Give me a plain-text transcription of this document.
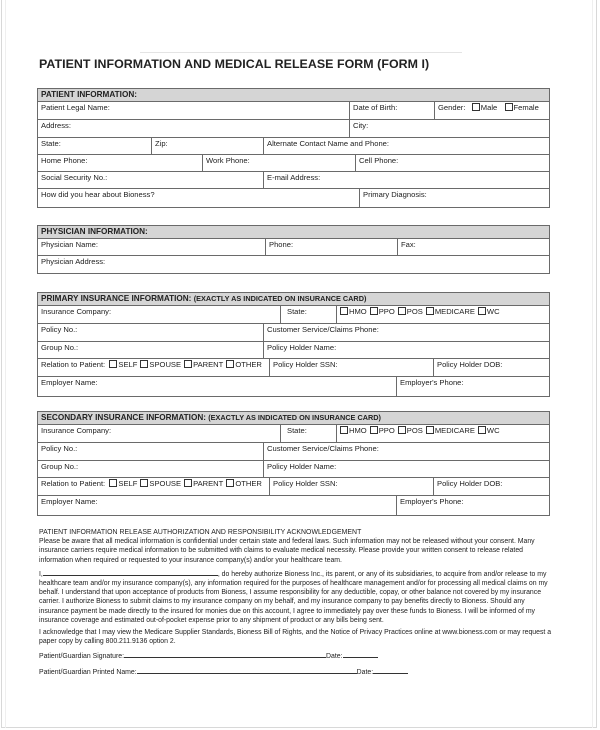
PATIENT INFORMATION AND MEDICAL RELEASE FORM (FORM I)
PATIENT INFORMATION:
Patient Legal Name:	Date of Birth:	Gender: Male Female
Address:	City:
State:	Zip:	Alternate Contact Name and Phone:
Home Phone:	Work Phone:	Cell Phone:
Social Security No.:	E-mail Address:
How did you hear about Bioness?	Primary Diagnosis:
PHYSICIAN INFORMATION:
Physician Name:	Phone:	Fax:
Physician Address:
PRIMARY INSURANCE INFORMATION: (EXACTLY AS INDICATED ON INSURANCE CARD)
Insurance Company:	State:	HMO PPO POS MEDICARE WC
Policy No.:	Customer Service/Claims Phone:
Group No.:	Policy Holder Name:
Relation to Patient: SELF SPOUSE PARENT OTHER	Policy Holder SSN:	Policy Holder DOB:
Employer Name:	Employer's Phone:
SECONDARY INSURANCE INFORMATION: (EXACTLY AS INDICATED ON INSURANCE CARD)
Insurance Company:	State:	HMO PPO POS MEDICARE WC
Policy No.:	Customer Service/Claims Phone:
Group No.:	Policy Holder Name:
Relation to Patient: SELF SPOUSE PARENT OTHER	Policy Holder SSN:	Policy Holder DOB:
Employer Name:	Employer's Phone:
PATIENT INFORMATION RELEASE AUTHORIZATION AND RESPONSIBILITY ACKNOWLEDGEMENT
Please be aware that all medical information is confidential under certain state and federal laws. Such information may not be released without your consent. Many insurance carriers require medical information to be submitted with claims to evaluate medical necessity. Please provide your written consent to release related information when required or requested to your insurance company(s) and/or your healthcare team.
I,	, do hereby authorize Bioness Inc., its parent, or any of its subsidiaries, to acquire from and/or release to my healthcare team and/or my insurance company(s), any information required for the purposes of healthcare management and/or for processing all medical claims on my behalf. I understand that upon acceptance of products from Bioness, I assume responsibility for any deductible, copay, or other balance not covered by my insurance carrier. I authorize Bioness to submit claims to my insurance company on my behalf, and my insurance company to pay benefits directly to Bioness. Should any insurance payment be made directly to the insured for monies due on this account, I agree to immediately pay over these funds to Bioness. I will be informed of my insurance coverage and estimated out-of-pocket expense prior to any shipment of product or any bills being sent.
I acknowledge that I may view the Medicare Supplier Standards, Bioness Bill of Rights, and the Notice of Privacy Practices online at www.bioness.com or may request a paper copy by calling 800.211.9136 option 2.
Patient/Guardian Signature:	Date:
Patient/Guardian Printed Name:	Date:
